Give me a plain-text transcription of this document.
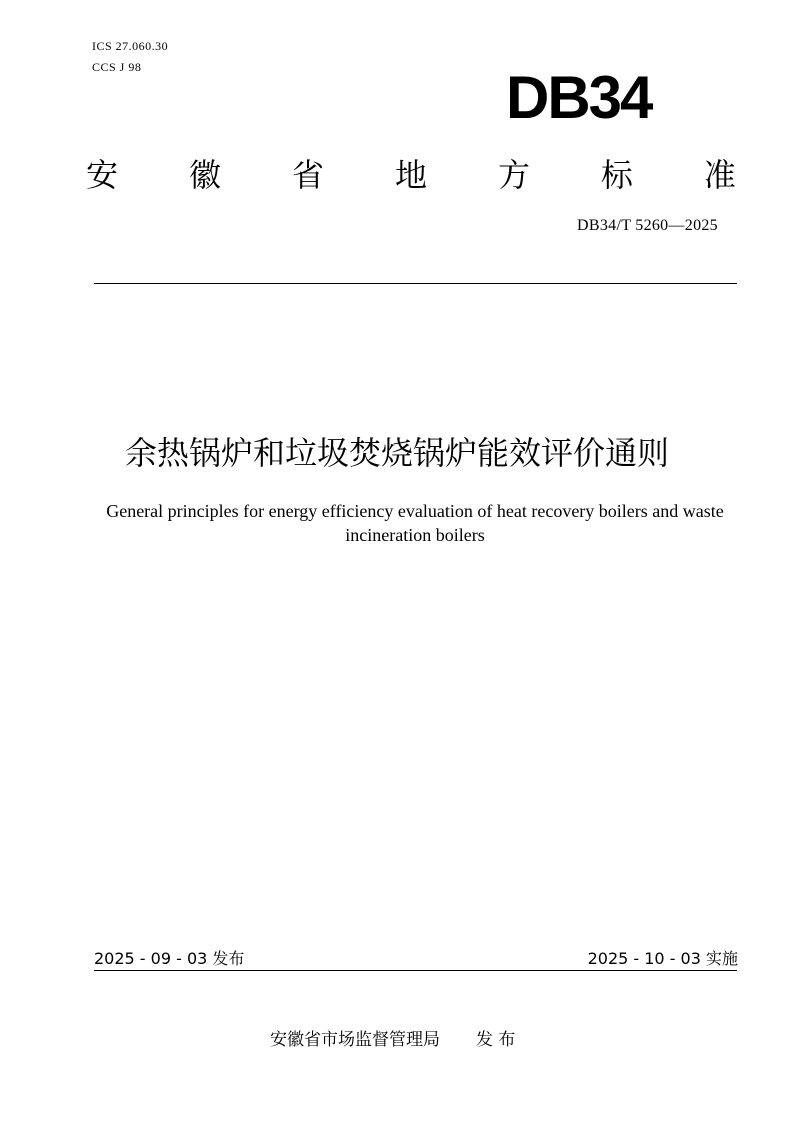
ICS 27.060.30
CCS J 98	DB34
安 徽 省 地 方 标 准
DB34/T 5260—2025
余热锅炉和垃圾焚烧锅炉能效评价通则
General principles for energy efficiency evaluation of heat recovery boilers and waste
incineration boilers
2025 - 09 - 03 发布	2025 - 10 - 03 实施
安徽省市场监督管理局 发 布
